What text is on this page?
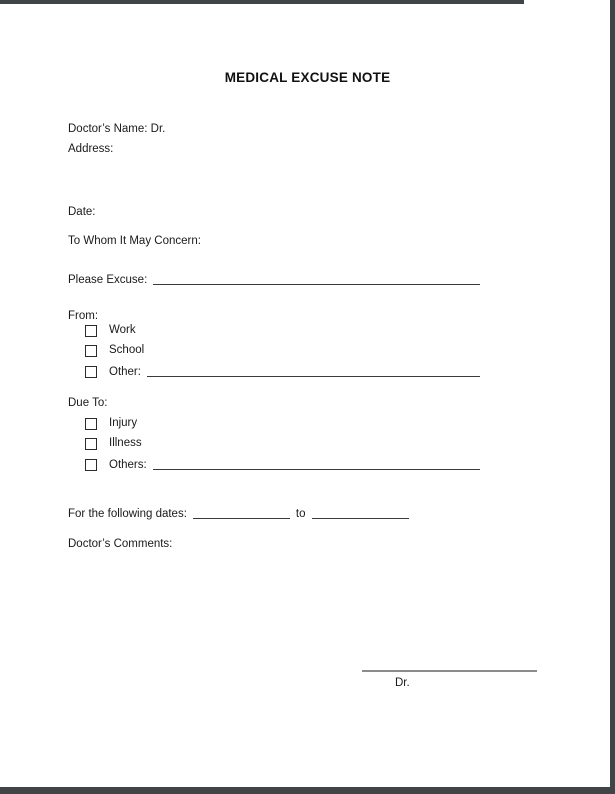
MEDICAL EXCUSE NOTE
Doctor’s Name: Dr.
Address:
Date:
To Whom It May Concern:
Please Excuse:
From:
Work
School
Other:
Due To:
Injury
Illness
Others:
For the following dates:	to
Doctor’s Comments:
Dr.
